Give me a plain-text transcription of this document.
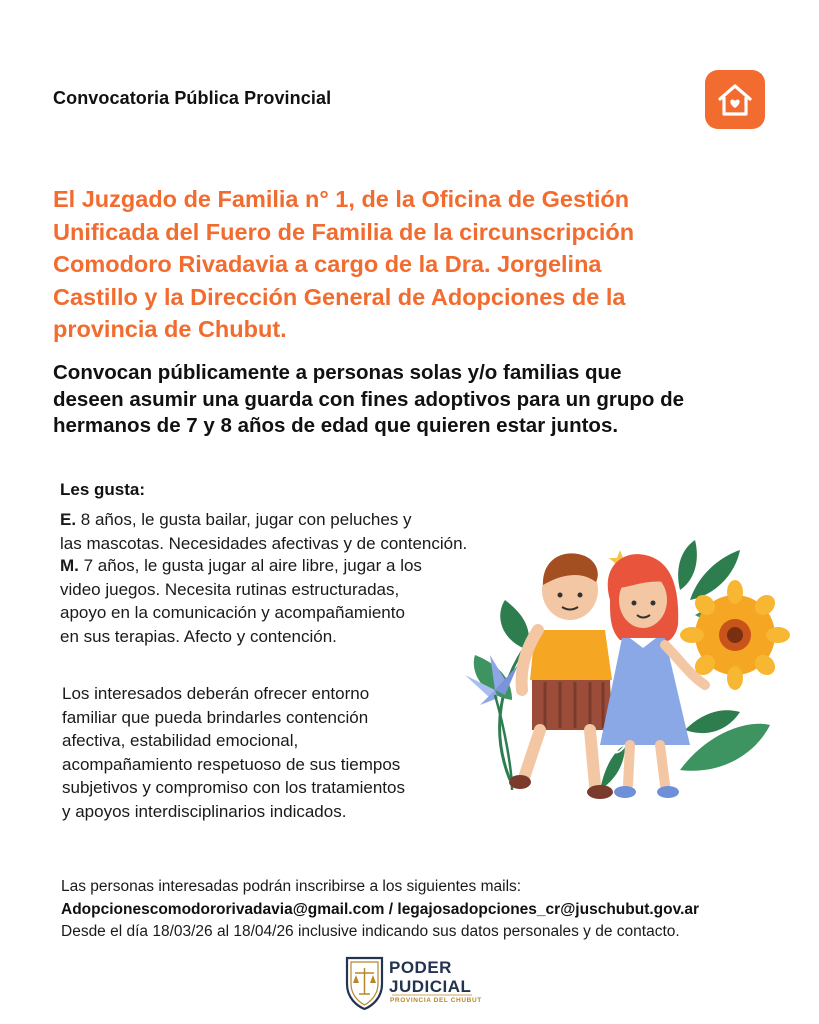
Convocatoria Pública Provincial
El Juzgado de Familia n° 1, de la Oficina de Gestión
Unificada del Fuero de Familia de la circunscripción
Comodoro Rivadavia a cargo de la Dra. Jorgelina
Castillo y la Dirección General de Adopciones de la
provincia de Chubut.
Convocan públicamente a personas solas y/o familias que
deseen asumir una guarda con fines adoptivos para un grupo de
hermanos de 7 y 8 años de edad que quieren estar juntos.
Les gusta:
E. 8 años, le gusta bailar, jugar con peluches y
las mascotas. Necesidades afectivas y de contención.
M. 7 años, le gusta jugar al aire libre, jugar a los
video juegos. Necesita rutinas estructuradas,
apoyo en la comunicación y acompañamiento
en sus terapias. Afecto y contención.
Los interesados deberán ofrecer entorno
familiar que pueda brindarles contención
afectiva, estabilidad emocional,
acompañamiento respetuoso de sus tiempos
subjetivos y compromiso con los tratamientos
y apoyos interdisciplinarios indicados.
Las personas interesadas podrán inscribirse a los siguientes mails:
Adopcionescomodororivadavia@gmail.com / legajosadopciones_cr@juschubut.gov.ar
Desde el día 18/03/26 al 18/04/26 inclusive indicando sus datos personales y de contacto.
PODER
JUDICIAL
PROVINCIA DEL CHUBUT
